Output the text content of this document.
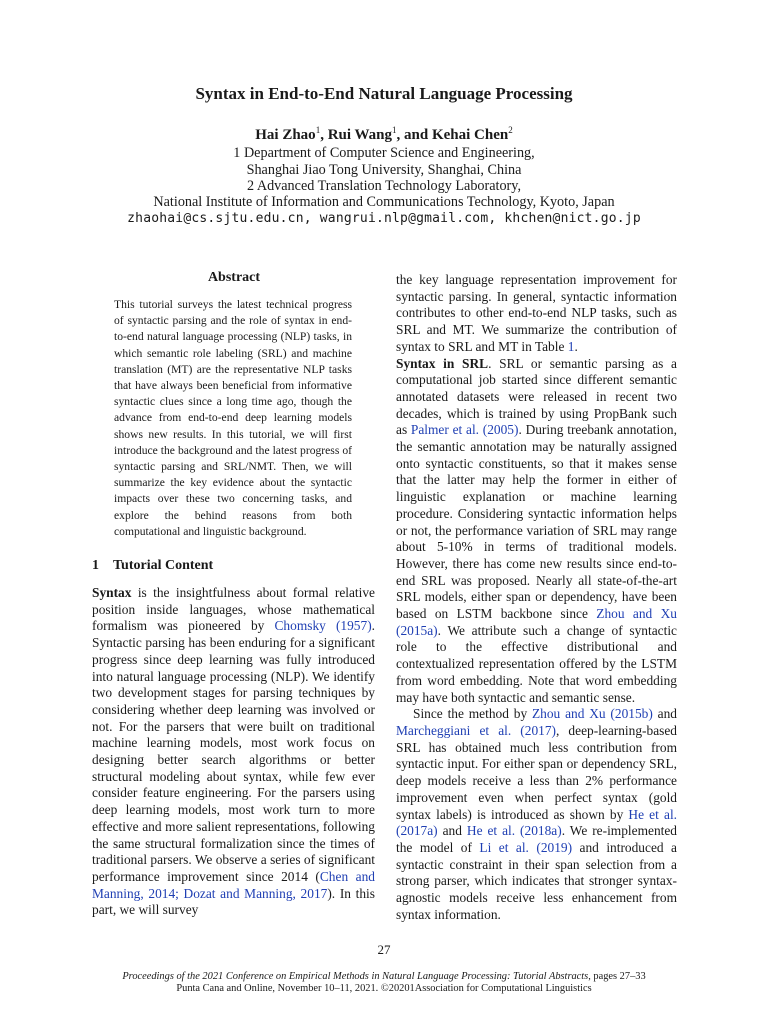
Syntax in End-to-End Natural Language Processing
Hai Zhao$^1$, Rui Wang$^1$, and Kehai Chen$^2$
1 Department of Computer Science and Engineering,
Shanghai Jiao Tong University, Shanghai, China
2 Advanced Translation Technology Laboratory,
National Institute of Information and Communications Technology, Kyoto, Japan
zhaohai@cs.sjtu.edu.cn, wangrui.nlp@gmail.com, khchen@nict.go.jp
Abstract
This tutorial surveys the latest technical progress of syntactic parsing and the role of syntax in end-to-end natural language processing (NLP) tasks, in which semantic role labeling (SRL) and machine translation (MT) are the representative NLP tasks that have always been beneficial from informative syntactic clues since a long time ago, though the advance from end-to-end deep learning models shows new results. In this tutorial, we will first introduce the background and the latest progress of syntactic parsing and SRL/NMT. Then, we will summarize the key evidence about the syntactic impacts over these two concerning tasks, and explore the behind reasons from both computational and linguistic background.
1 Tutorial Content
Syntax is the insightfulness about formal relative position inside languages, whose mathematical formalism was pioneered by Chomsky (1957). Syntactic parsing has been enduring for a significant progress since deep learning was fully introduced into natural language processing (NLP). We identify two development stages for parsing techniques by considering whether deep learning was involved or not. For the parsers that were built on traditional machine learning models, most work focus on designing better search algorithms or better structural modeling about syntax, while few ever consider feature engineering. For the parsers using deep learning models, most work turn to more effective and more salient representations, following the same structural formalization since the times of traditional parsers. We observe a series of significant performance improvement since 2014 (Chen and Manning, 2014; Dozat and Manning, 2017). In this part, we will survey
the key language representation improvement for syntactic parsing. In general, syntactic information contributes to other end-to-end NLP tasks, such as SRL and MT. We summarize the contribution of syntax to SRL and MT in Table 1.
Syntax in SRL. SRL or semantic parsing as a computational job started since different semantic annotated datasets were released in recent two decades, which is trained by using PropBank such as Palmer et al. (2005). During treebank annotation, the semantic annotation may be naturally assigned onto syntactic constituents, so that it makes sense that the latter may help the former in either of linguistic explanation or machine learning procedure. Considering syntactic information helps or not, the performance variation of SRL may range about 5-10% in terms of traditional models. However, there has come new results since end-to-end SRL was proposed. Nearly all state-of-the-art SRL models, either span or dependency, have been based on LSTM backbone since Zhou and Xu (2015a). We attribute such a change of syntactic role to the effective distributional and contextualized representation offered by the LSTM from word embedding. Note that word embedding may have both syntactic and semantic sense.
Since the method by Zhou and Xu (2015b) and Marcheggiani et al. (2017), deep-learning-based SRL has obtained much less contribution from syntactic input. For either span or dependency SRL, deep models receive a less than 2% performance improvement even when perfect syntax (gold syntax labels) is introduced as shown by He et al. (2017a) and He et al. (2018a). We re-implemented the model of Li et al. (2019) and introduced a syntactic constraint in their span selection from a strong parser, which indicates that stronger syntax-agnostic models receive less enhancement from syntax information.
27
Proceedings of the 2021 Conference on Empirical Methods in Natural Language Processing: Tutorial Abstracts, pages 27–33
Punta Cana and Online, November 10–11, 2021. ©20201Association for Computational Linguistics
